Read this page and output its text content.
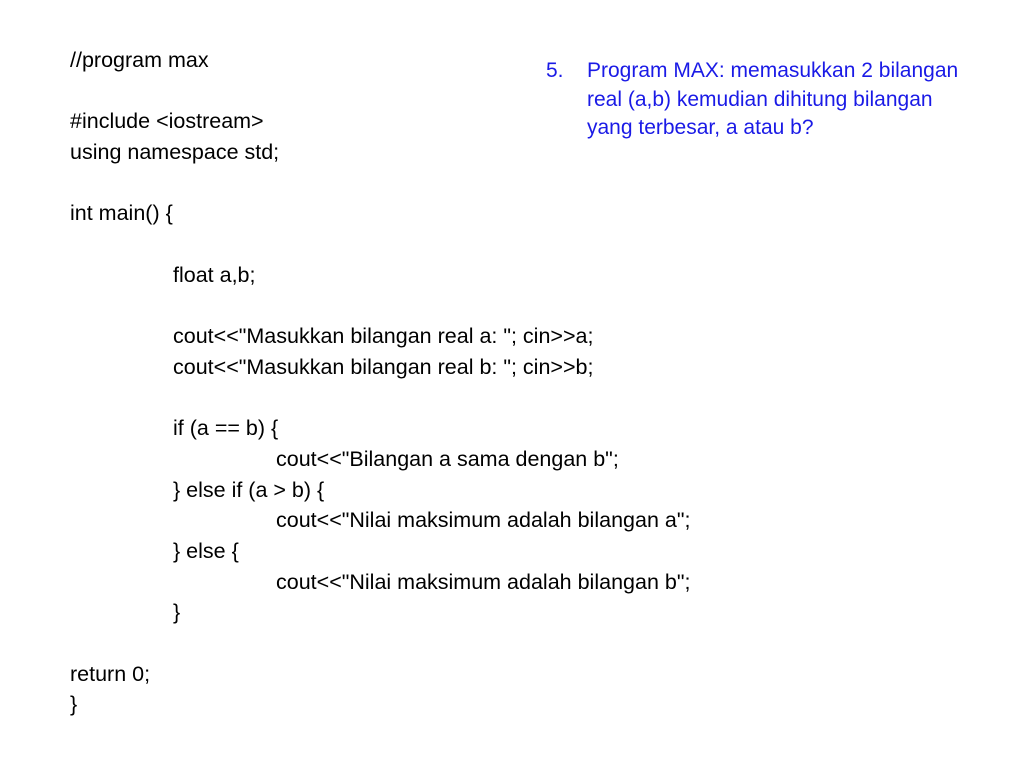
//program max
#include <iostream>
using namespace std;
int main() {
float a,b;
cout<<"Masukkan bilangan real a: "; cin>>a;
cout<<"Masukkan bilangan real b: "; cin>>b;
if (a == b) {
cout<<"Bilangan a sama dengan b";
} else if (a > b) {
cout<<"Nilai maksimum adalah bilangan a";
} else {
cout<<"Nilai maksimum adalah bilangan b";
}
return 0;
}
5. Program MAX: memasukkan 2 bilangan real (a,b) kemudian dihitung bilangan yang terbesar, a atau b?
